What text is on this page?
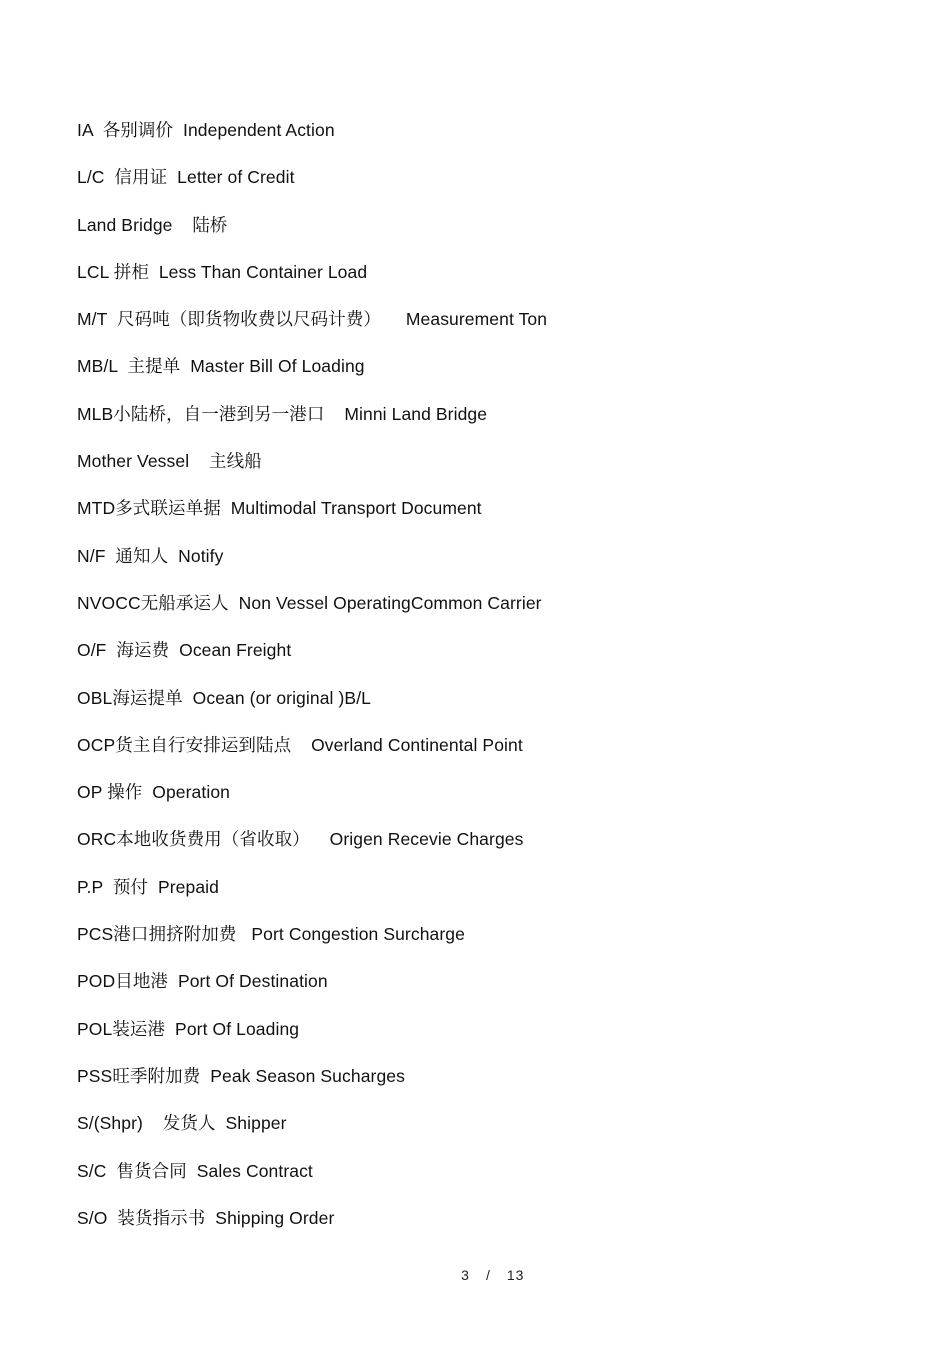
IA  各别调价  Independent Action
L/C  信用证  Letter of Credit
Land Bridge    陆桥
LCL 拼柜  Less Than Container Load
M/T  尺码吨（即货物收费以尺码计费）     Measurement Ton
MB/L  主提单  Master Bill Of Loading
MLB小陆桥，自一港到另一港口    Minni Land Bridge
Mother Vessel    主线船
MTD多式联运单据  Multimodal Transport Document
N/F  通知人  Notify
NVOCC无船承运人  Non Vessel OperatingCommon Carrier
O/F  海运费  Ocean Freight
OBL海运提单  Ocean (or original )B/L
OCP货主自行安排运到陆点    Overland Continental Point
OP 操作  Operation
ORC本地收货费用（省收取）    Origen Recevie Charges
P.P  预付  Prepaid
PCS港口拥挤附加费   Port Congestion Surcharge
POD目地港  Port Of Destination
POL装运港  Port Of Loading
PSS旺季附加费  Peak Season Sucharges
S/(Shpr)    发货人  Shipper
S/C  售货合同  Sales Contract
S/O  装货指示书  Shipping Order

3 / 13
